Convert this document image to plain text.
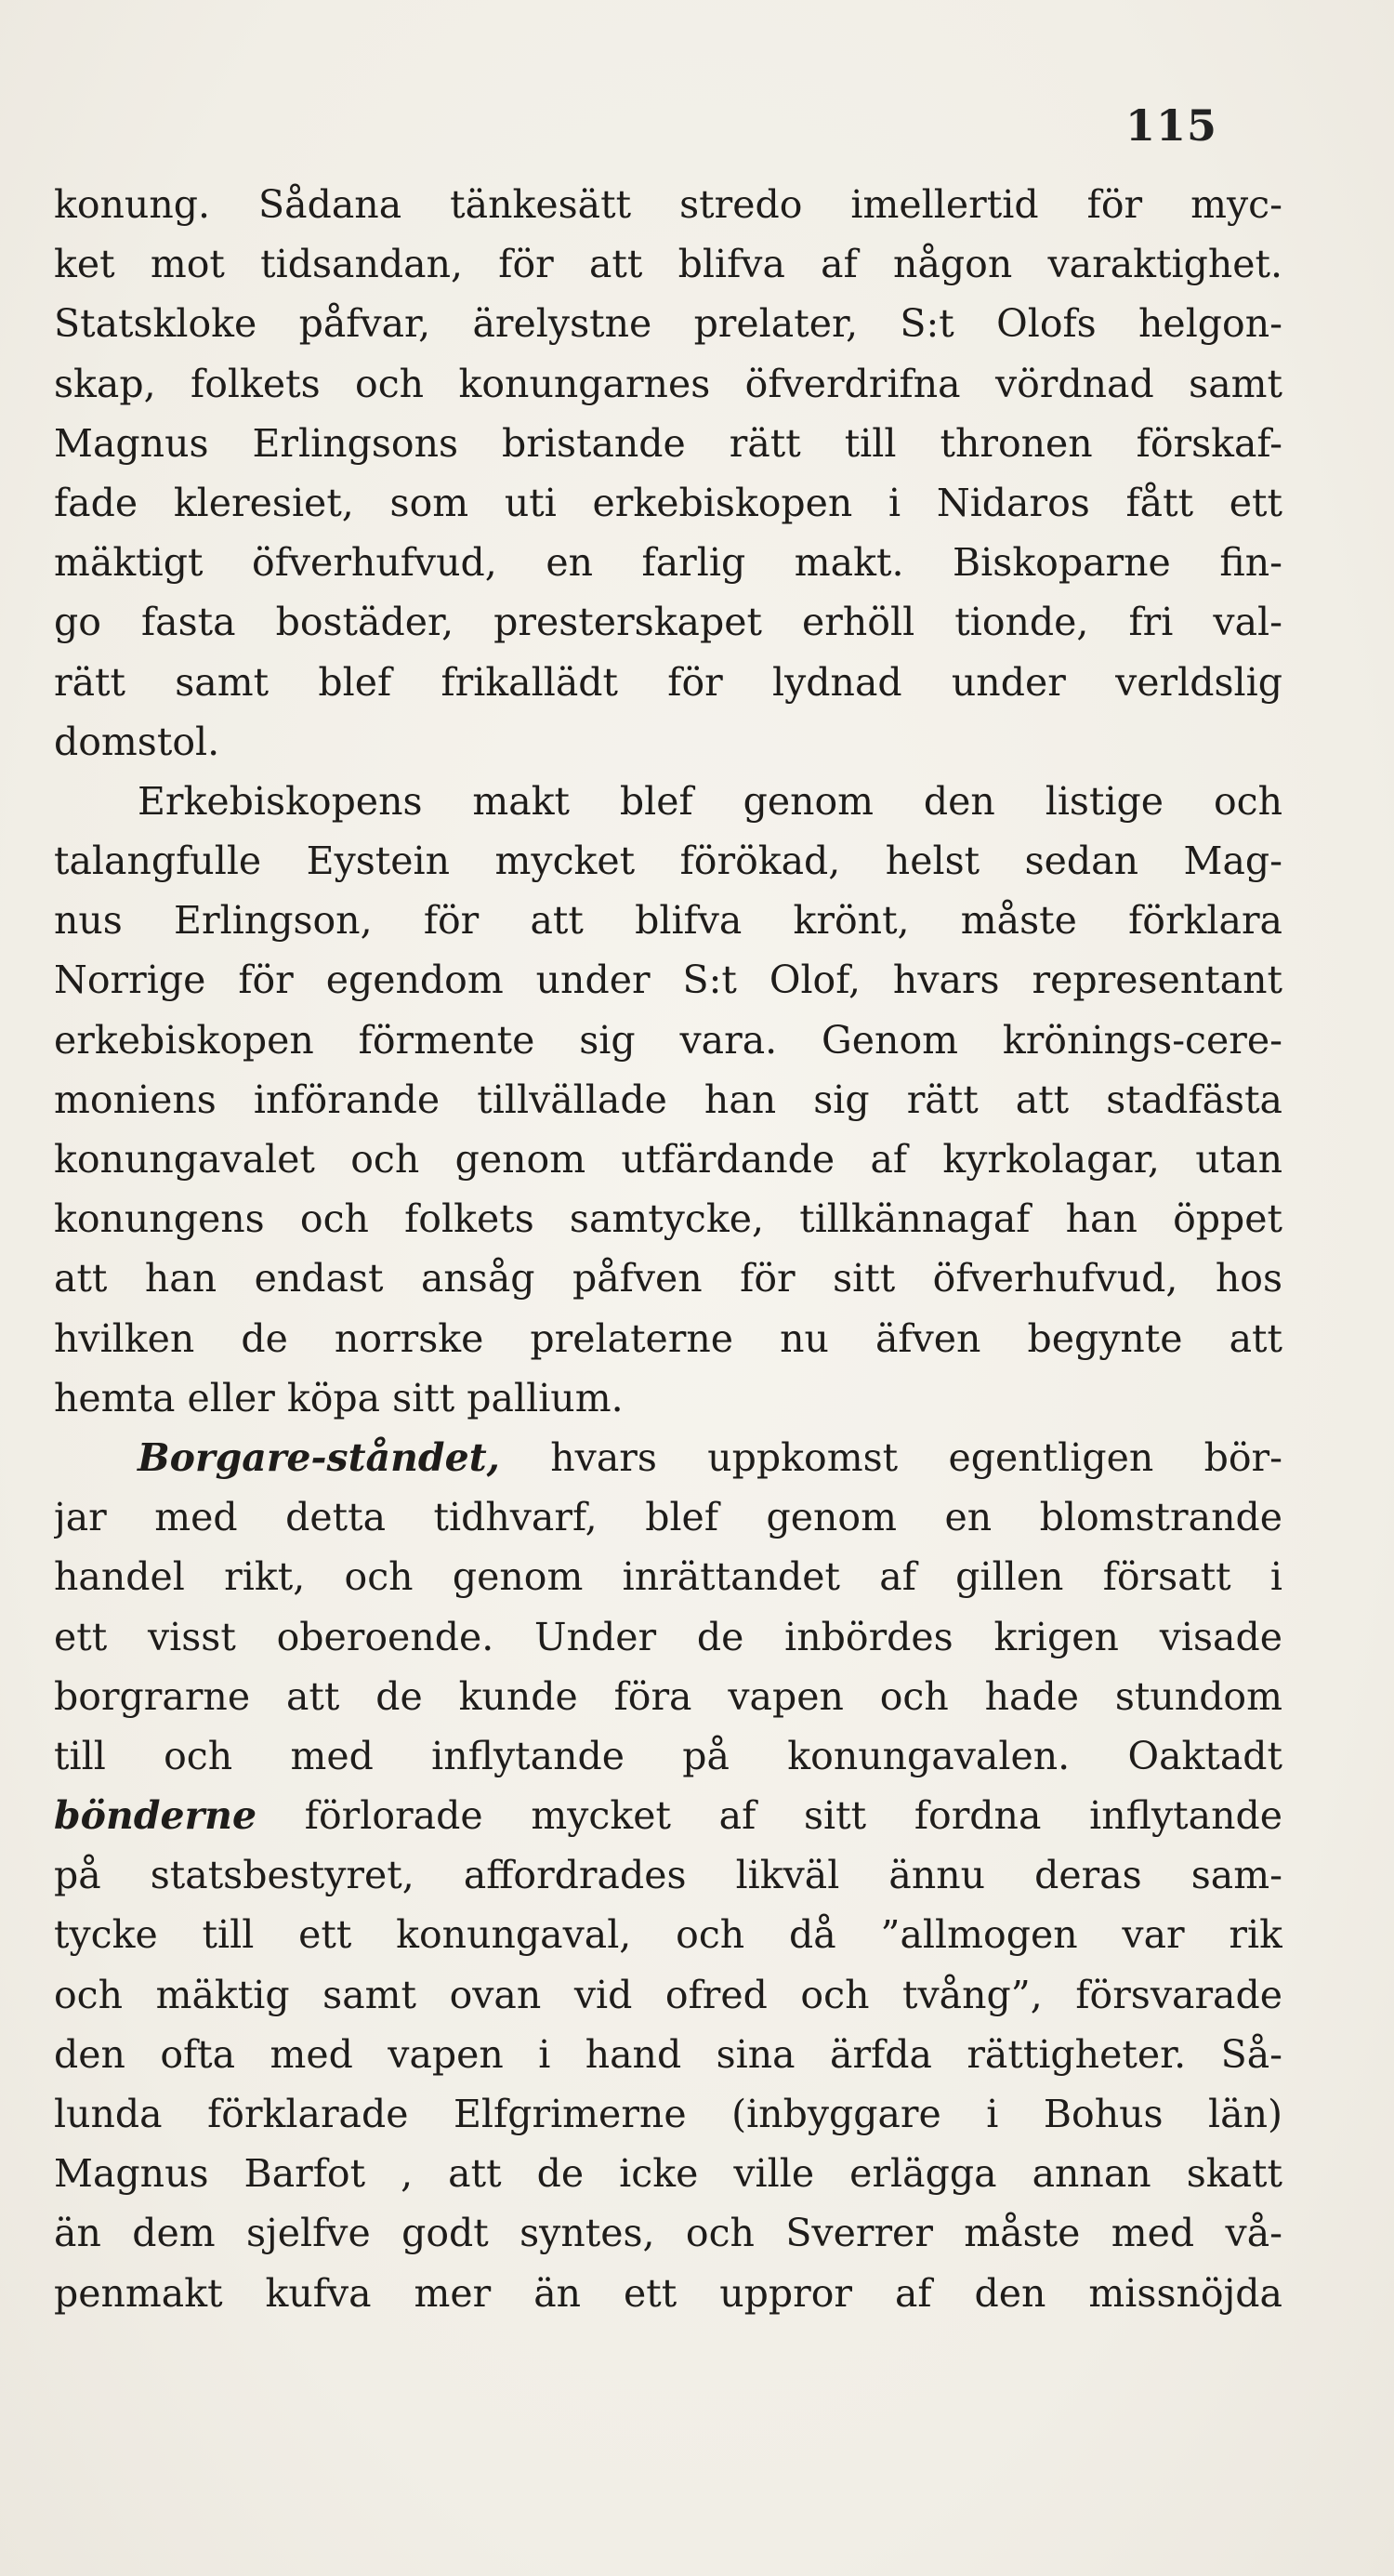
115
konung. Sådana tänkesätt stredo imellertid för myc-
ket mot tidsandan, för att blifva af någon varaktighet.
Statskloke påfvar, ärelystne prelater, S:t Olofs helgon-
skap, folkets och konungarnes öfverdrifna vördnad samt
Magnus Erlingsons bristande rätt till thronen förskaf-
fade kleresiet, som uti erkebiskopen i Nidaros fått ett
mäktigt öfverhufvud, en farlig makt. Biskoparne fin-
go fasta bostäder, presterskapet erhöll tionde, fri val-
rätt samt blef frikallädt för lydnad under verldslig
domstol.
Erkebiskopens makt blef genom den listige och
talangfulle Eystein mycket förökad, helst sedan Mag-
nus Erlingson, för att blifva krönt, måste förklara
Norrige för egendom under S:t Olof, hvars representant
erkebiskopen förmente sig vara. Genom krönings-cere-
moniens införande tillvällade han sig rätt att stadfästa
konungavalet och genom utfärdande af kyrkolagar, utan
konungens och folkets samtycke, tillkännagaf han öppet
att han endast ansåg påfven för sitt öfverhufvud, hos
hvilken de norrske prelaterne nu äfven begynte att
hemta eller köpa sitt pallium.
Borgare-ståndet, hvars uppkomst egentligen bör-
jar med detta tidhvarf, blef genom en blomstrande
handel rikt, och genom inrättandet af gillen försatt i
ett visst oberoende. Under de inbördes krigen visade
borgrarne att de kunde föra vapen och hade stundom
till och med inflytande på konungavalen. Oaktadt
bönderne förlorade mycket af sitt fordna inflytande
på statsbestyret, affordrades likväl ännu deras sam-
tycke till ett konungaval, och då ”allmogen var rik
och mäktig samt ovan vid ofred och tvång”, försvarade
den ofta med vapen i hand sina ärfda rättigheter. Så-
lunda förklarade Elfgrimerne (inbyggare i Bohus län)
Magnus Barfot , att de icke ville erlägga annan skatt
än dem sjelfve godt syntes, och Sverrer måste med vå-
penmakt kufva mer än ett uppror af den missnöjda
